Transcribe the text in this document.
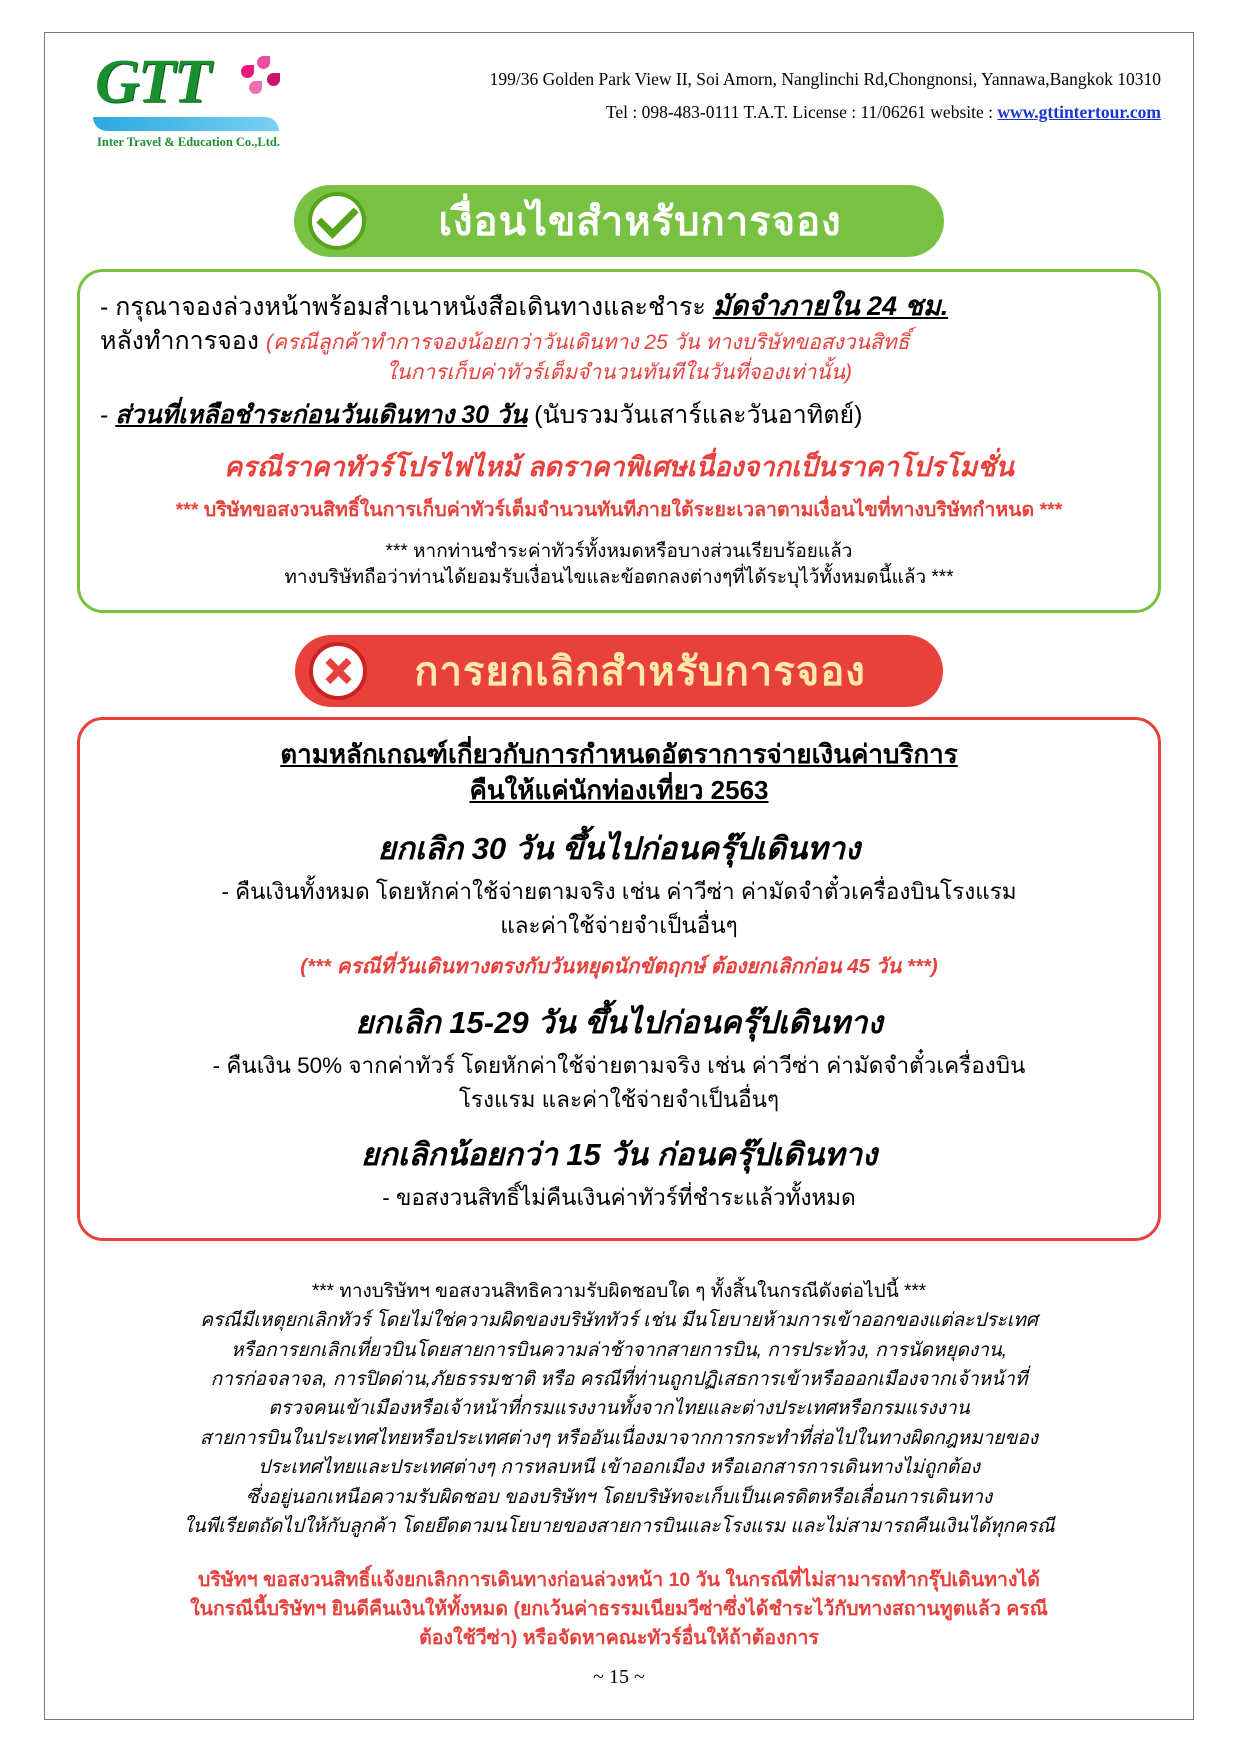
GTT
Inter Travel & Education Co.,Ltd.
199/36 Golden Park View II, Soi Amorn, Nanglinchi Rd,Chongnonsi, Yannawa,Bangkok 10310
Tel : 098-483-0111 T.A.T. License : 11/06261 website : www.gttintertour.com
เงื่อนไขสำหรับการจอง
- กรุณาจองล่วงหน้าพร้อมสำเนาหนังสือเดินทางและชำระ มัดจำภายใน 24 ชม.
หลังทำการจอง (ครณีลูกค้าทำการจองน้อยกว่าวันเดินทาง 25 วัน ทางบริษัทขอสงวนสิทธิ์
ในการเก็บค่าทัวร์เต็มจำนวนทันทีในวันที่จองเท่านั้น)
- ส่วนที่เหลือชำระก่อนวันเดินทาง 30 วัน (นับรวมวันเสาร์และวันอาทิตย์)
ครณีราคาทัวร์โปรไฟไหม้ ลดราคาพิเศษเนื่องจากเป็นราคาโปรโมชั่น
*** บริษัทขอสงวนสิทธิ์ในการเก็บค่าทัวร์เต็มจำนวนทันทีภายใต้ระยะเวลาตามเงื่อนไขที่ทางบริษัทกำหนด ***
*** หากท่านชำระค่าทัวร์ทั้งหมดหรือบางส่วนเรียบร้อยแล้ว
ทางบริษัทถือว่าท่านได้ยอมรับเงื่อนไขและข้อตกลงต่างๆที่ได้ระบุไว้ทั้งหมดนี้แล้ว ***
การยกเลิกสำหรับการจอง
ตามหลักเกณฑ์เกี่ยวกับการกำหนดอัตราการจ่ายเงินค่าบริการ
คืนให้แค่นักท่องเที่ยว 2563
ยกเลิก 30 วัน ขึ้นไปก่อนครุ๊ปเดินทาง
- คืนเงินทั้งหมด โดยหักค่าใช้จ่ายตามจริง เช่น ค่าวีซ่า ค่ามัดจำตั๋วเครื่องบินโรงแรม
และค่าใช้จ่ายจำเป็นอื่นๆ
(*** ครณีที่วันเดินทางตรงกับวันหยุดนักขัตฤกษ์ ต้องยกเลิกก่อน 45 วัน ***)
ยกเลิก 15-29 วัน ขึ้นไปก่อนครุ๊ปเดินทาง
- คืนเงิน 50% จากค่าทัวร์ โดยหักค่าใช้จ่ายตามจริง เช่น ค่าวีซ่า ค่ามัดจำตั๋วเครื่องบิน
โรงแรม และค่าใช้จ่ายจำเป็นอื่นๆ
ยกเลิกน้อยกว่า 15 วัน ก่อนครุ๊ปเดินทาง
- ขอสงวนสิทธิ์ไม่คืนเงินค่าทัวร์ที่ชำระแล้วทั้งหมด
*** ทางบริษัทฯ ขอสงวนสิทธิความรับผิดชอบใด ๆ ทั้งสิ้นในกรณีดังต่อไปนี้ ***
ครณีมีเหตุยกเลิกทัวร์ โดยไม่ใช่ความผิดของบริษัททัวร์ เช่น มีนโยบายห้ามการเข้าออกของแต่ละประเทศ
หรือการยกเลิกเที่ยวบินโดยสายการบินความล่าช้าจากสายการบิน, การประท้วง, การนัดหยุดงาน,
การก่อจลาจล, การปิดด่าน,ภัยธรรมชาติ หรือ ครณีที่ท่านถูกปฏิเสธการเข้าหรือออกเมืองจากเจ้าหน้าที่
ตรวจคนเข้าเมืองหรือเจ้าหน้าที่กรมแรงงานทั้งจากไทยและต่างประเทศหรือกรมแรงงาน
สายการบินในประเทศไทยหรือประเทศต่างๆ หรืออันเนื่องมาจากการกระทำที่ส่อไปในทางผิดกฎหมายของ
ประเทศไทยและประเทศต่างๆ การหลบหนี เข้าออกเมือง หรือเอกสารการเดินทางไม่ถูกต้อง
ซึ่งอยู่นอกเหนือความรับผิดชอบ ของบริษัทฯ โดยบริษัทจะเก็บเป็นเครดิตหรือเลื่อนการเดินทาง
ในพีเรียตถัดไปให้กับลูกค้า โดยยึดตามนโยบายของสายการบินและโรงแรม และไม่สามารถคืนเงินได้ทุกครณี
บริษัทฯ ขอสงวนสิทธิ์แจ้งยกเลิกการเดินทางก่อนล่วงหน้า 10 วัน ในกรณีที่ไม่สามารถทำกรุ๊ปเดินทางได้
ในกรณีนี้บริษัทฯ ยินดีคืนเงินให้ทั้งหมด (ยกเว้นค่าธรรมเนียมวีซ่าซึ่งได้ชำระไว้กับทางสถานทูตแล้ว ครณี
ต้องใช้วีซ่า) หรือจัดหาคณะทัวร์อื่นให้ถ้าต้องการ
~ 15 ~
